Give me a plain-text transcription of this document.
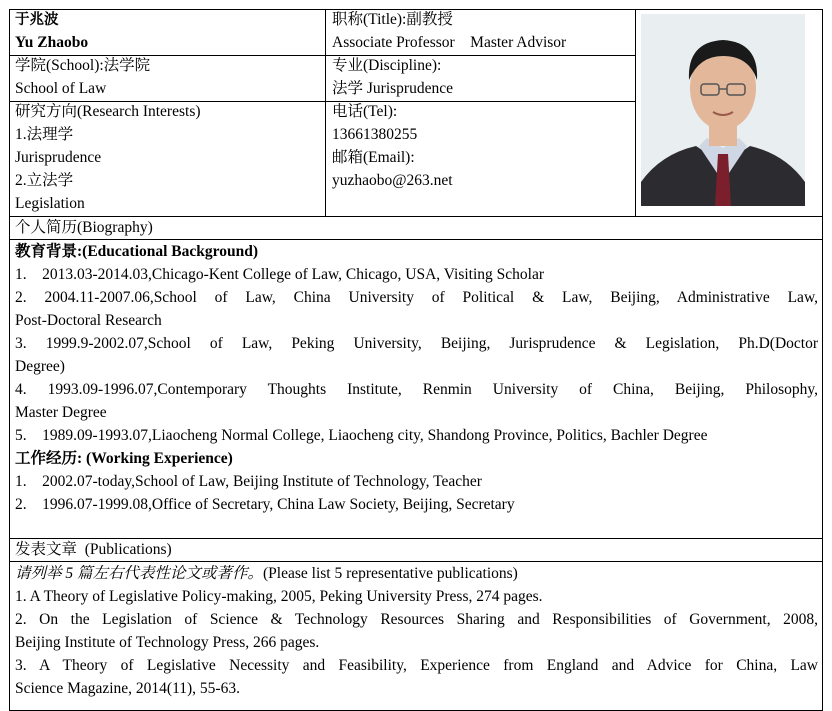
于兆波
Yu Zhaobo
职称(Title):副教授
Associate Professor    Master Advisor
学院(School):法学院
School of Law
专业(Discipline):
法学 Jurisprudence
研究方向(Research Interests)
1.法理学
Jurisprudence
2.立法学
Legislation
电话(Tel):
13661380255
邮箱(Email):
yuzhaobo@263.net
个人简历(Biography)
教育背景:(Educational Background)
1.    2013.03-2014.03,Chicago-Kent College of Law, Chicago, USA, Visiting Scholar
2. 2004.11-2007.06,School of Law, China University of Political & Law, Beijing, Administrative Law,
Post-Doctoral Research
3. 1999.9-2002.07,School of Law, Peking University, Beijing, Jurisprudence & Legislation, Ph.D(Doctor
Degree)
4. 1993.09-1996.07,Contemporary Thoughts Institute, Renmin University of China, Beijing, Philosophy,
Master Degree
5.    1989.09-1993.07,Liaocheng Normal College, Liaocheng city, Shandong Province, Politics, Bachler Degree
工作经历: (Working Experience)
1.    2002.07-today,School of Law, Beijing Institute of Technology, Teacher
2.    1996.07-1999.08,Office of Secretary, China Law Society, Beijing, Secretary
发表文章  (Publications)
请列举 5 篇左右代表性论文或著作。(Please list 5 representative publications)
1. A Theory of Legislative Policy-making, 2005, Peking University Press, 274 pages.
2. On the Legislation of Science & Technology Resources Sharing and Responsibilities of Government, 2008,
Beijing Institute of Technology Press, 266 pages.
3. A Theory of Legislative Necessity and Feasibility, Experience from England and Advice for China, Law
Science Magazine, 2014(11), 55-63.
